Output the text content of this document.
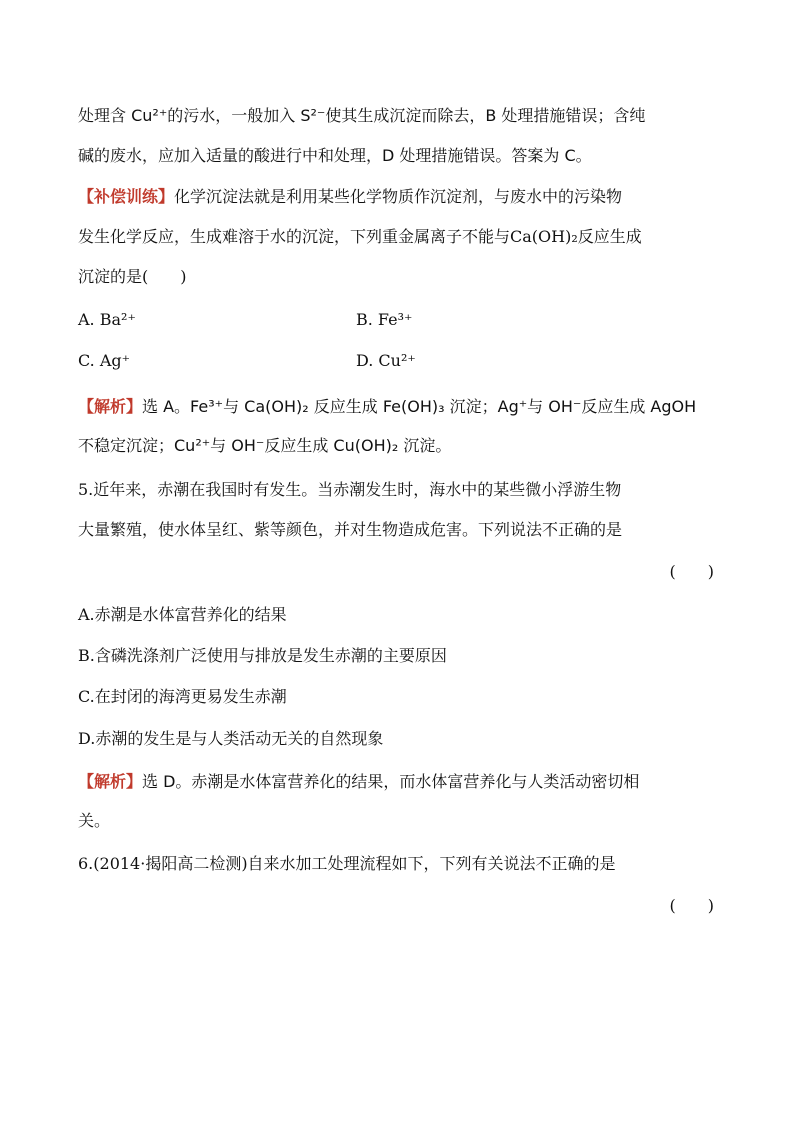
处理含 Cu²⁺的污水，一般加入 S²⁻使其生成沉淀而除去，B 处理措施错误；含纯

碱的废水，应加入适量的酸进行中和处理，D 处理措施错误。答案为 C。

【补偿训练】化学沉淀法就是利用某些化学物质作沉淀剂，与废水中的污染物

发生化学反应，生成难溶于水的沉淀，下列重金属离子不能与Ca(OH)₂反应生成

沉淀的是(　　)

A. Ba²⁺	B. Fe³⁺
C. Ag⁺	D. Cu²⁺

【解析】选 A。Fe³⁺与 Ca(OH)₂ 反应生成 Fe(OH)₃ 沉淀；Ag⁺与 OH⁻反应生成 AgOH

不稳定沉淀；Cu²⁺与 OH⁻反应生成 Cu(OH)₂ 沉淀。

5.近年来，赤潮在我国时有发生。当赤潮发生时，海水中的某些微小浮游生物

大量繁殖，使水体呈红、紫等颜色，并对生物造成危害。下列说法不正确的是

(　　)

A.赤潮是水体富营养化的结果

B.含磷洗涤剂广泛使用与排放是发生赤潮的主要原因

C.在封闭的海湾更易发生赤潮

D.赤潮的发生是与人类活动无关的自然现象

【解析】选 D。赤潮是水体富营养化的结果，而水体富营养化与人类活动密切相

关。

6.(2014·揭阳高二检测)自来水加工处理流程如下，下列有关说法不正确的是

(　　)
